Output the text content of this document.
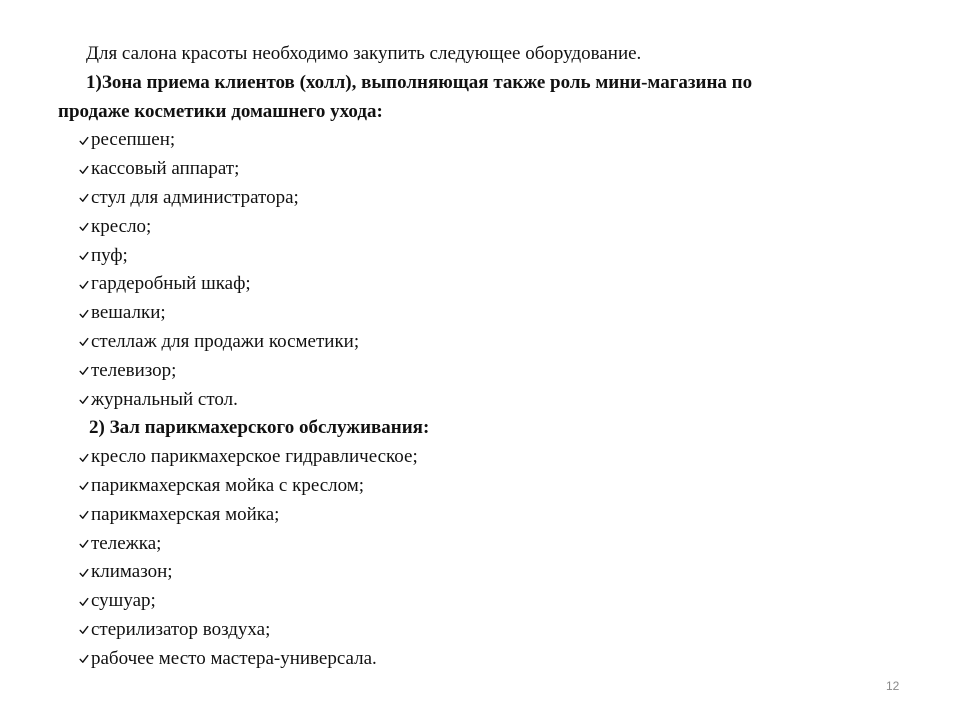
Для салона красоты необходимо закупить следующее оборудование.
1)Зона приема клиентов (холл), выполняющая также роль мини-магазина по
продаже косметики домашнего ухода:
ресепшен;
кассовый аппарат;
стул для администратора;
кресло;
пуф;
гардеробный шкаф;
вешалки;
стеллаж для продажи косметики;
телевизор;
журнальный стол.
2) Зал парикмахерского обслуживания:
кресло парикмахерское гидравлическое;
парикмахерская мойка с креслом;
парикмахерская мойка;
тележка;
климазон;
сушуар;
стерилизатор воздуха;
рабочее место мастера-универсала.
12
